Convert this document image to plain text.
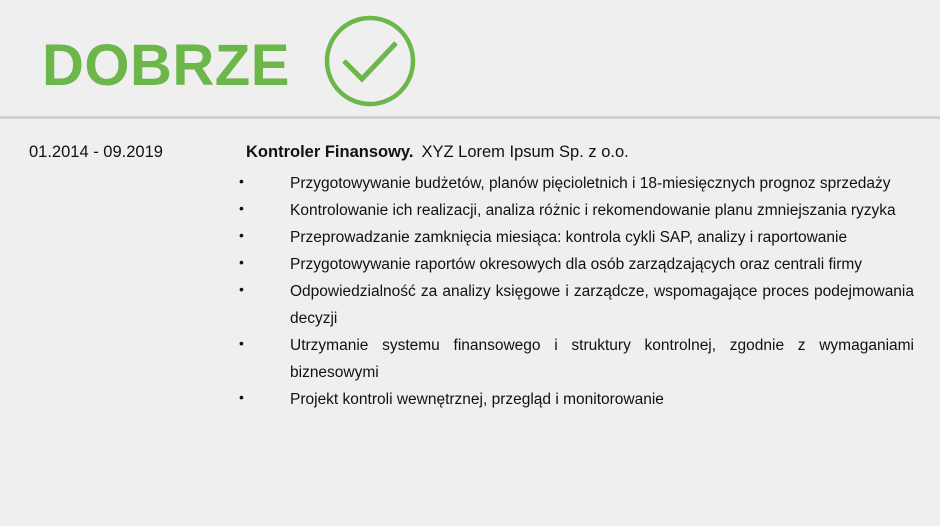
DOBRZE
01.2014 - 09.2019	Kontroler Finansowy. XYZ Lorem Ipsum Sp. z o.o.
•	Przygotowywanie budżetów, planów pięcioletnich i 18-miesięcznych prognoz sprzedaży
•	Kontrolowanie ich realizacji, analiza różnic i rekomendowanie planu zmniejszania ryzyka
•	Przeprowadzanie zamknięcia miesiąca: kontrola cykli SAP, analizy i raportowanie
•	Przygotowywanie raportów okresowych dla osób zarządzających oraz centrali firmy
•	Odpowiedzialność za analizy księgowe i zarządcze, wspomagające proces podejmowania decyzji
•	Utrzymanie systemu finansowego i struktury kontrolnej, zgodnie z wymaganiami biznesowymi
•	Projekt kontroli wewnętrznej, przegląd i monitorowanie
